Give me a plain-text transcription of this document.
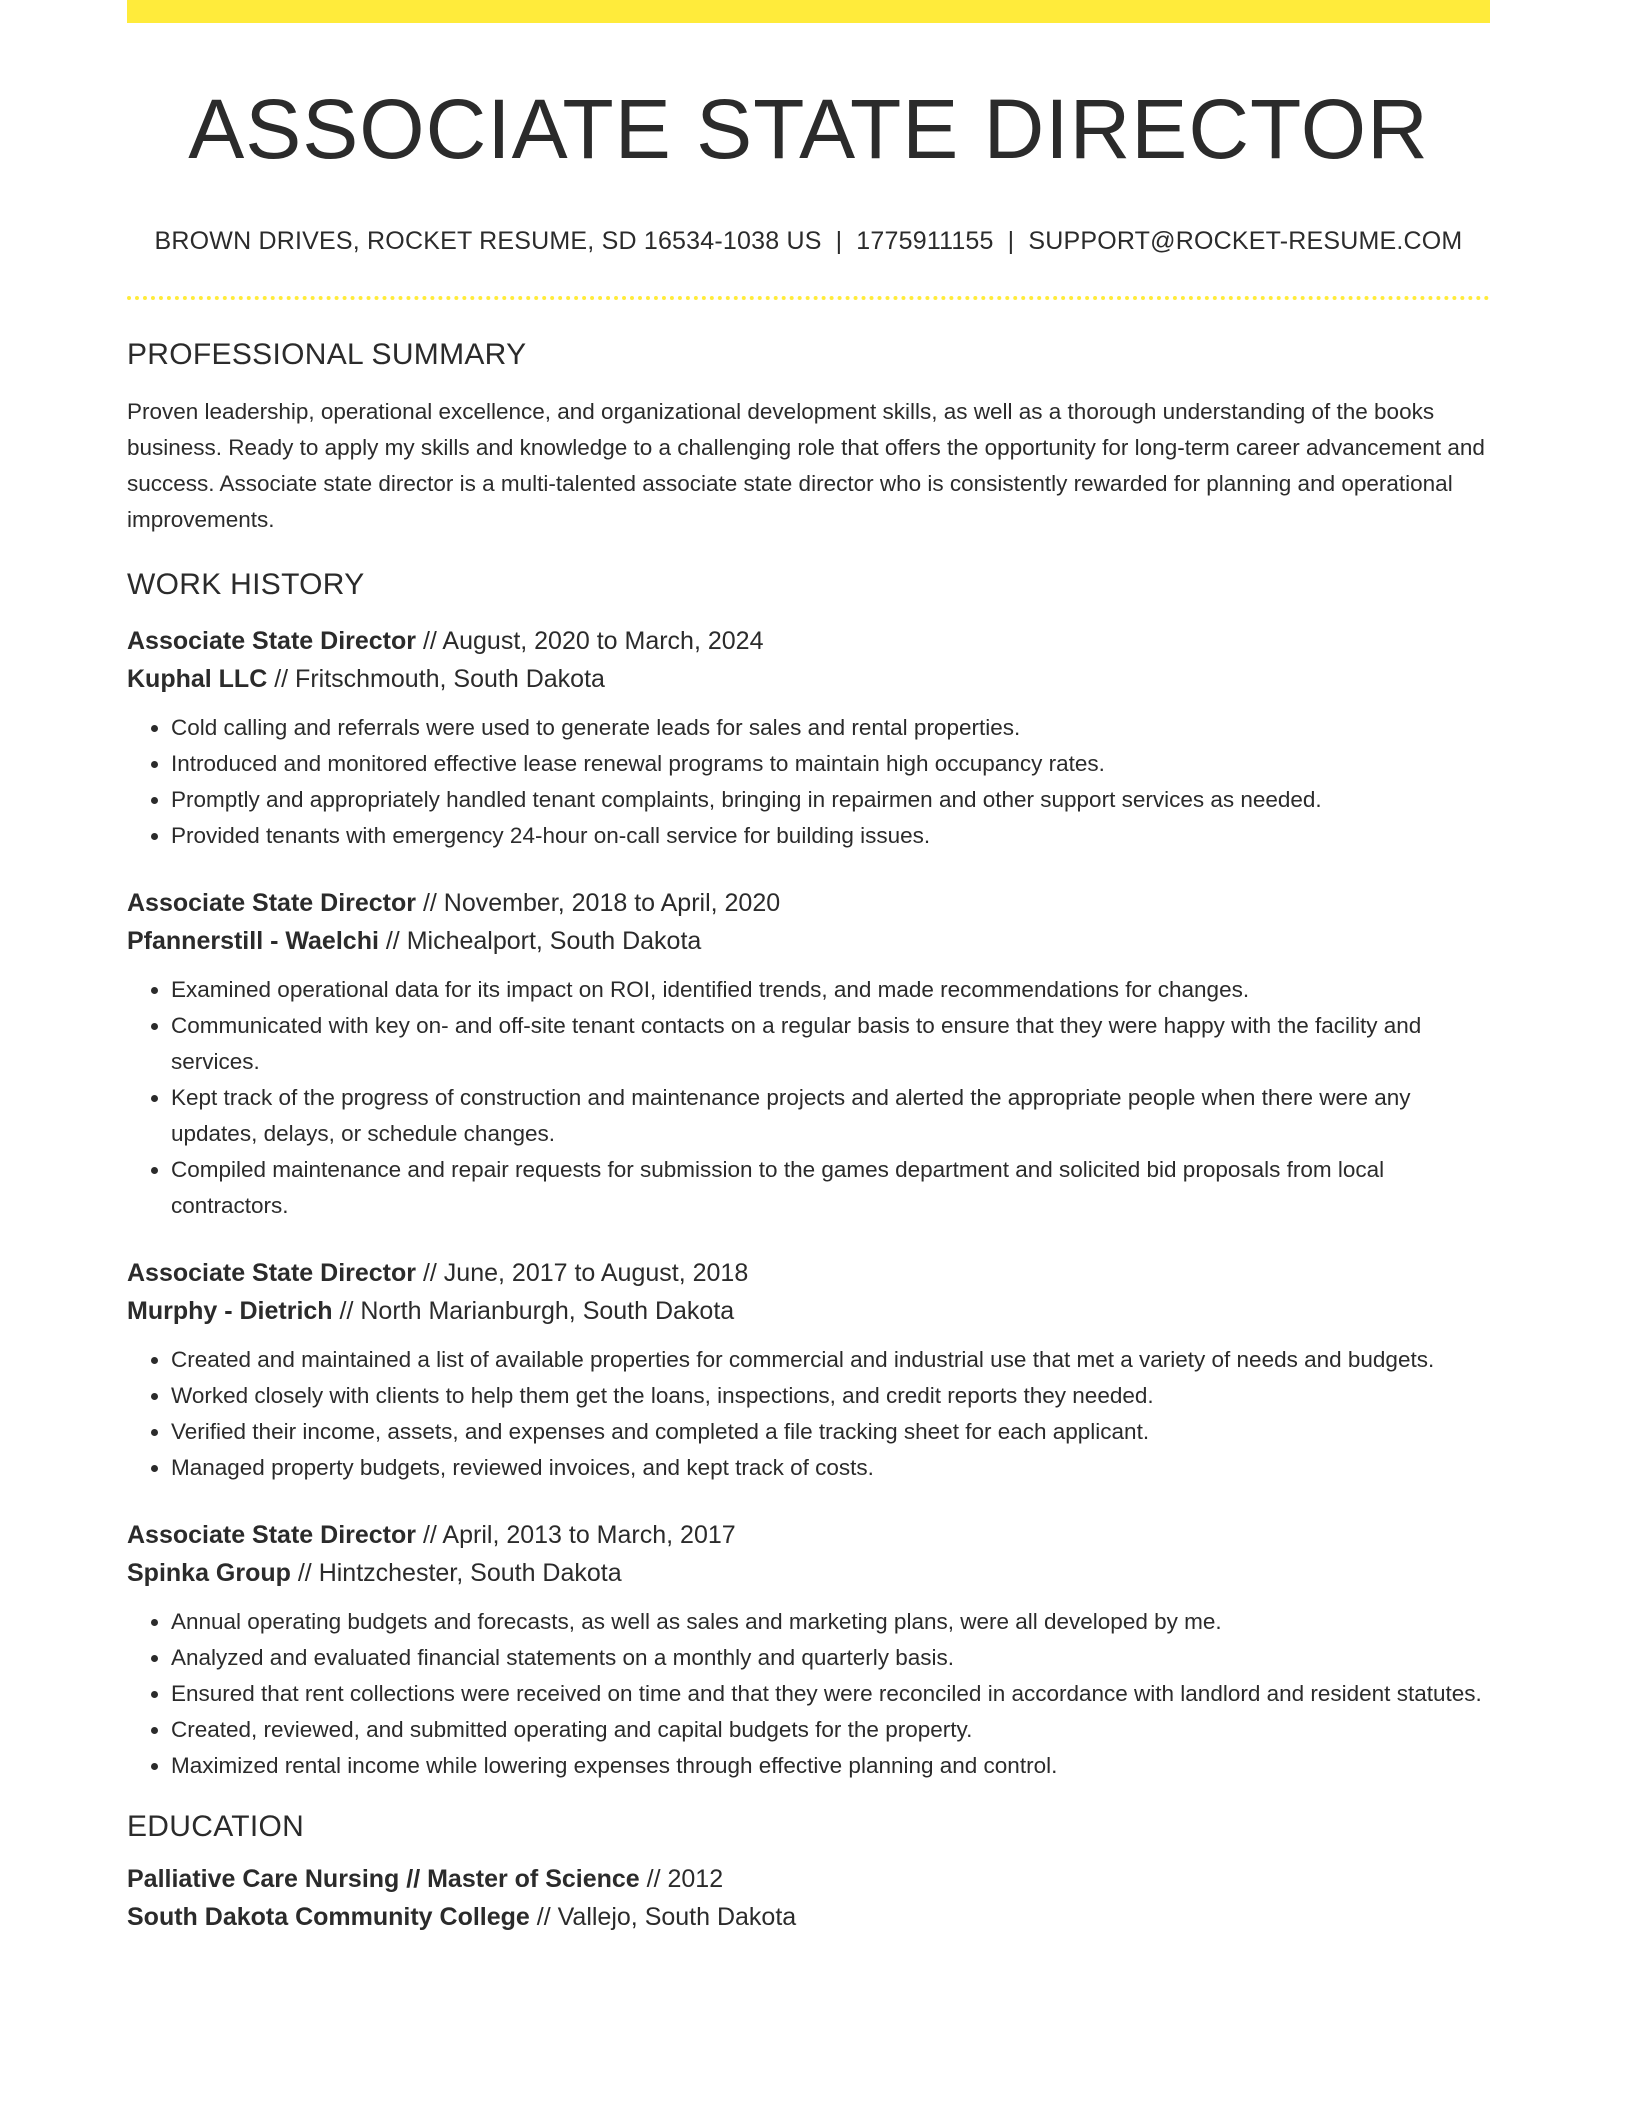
ASSOCIATE STATE DIRECTOR
BROWN DRIVES, ROCKET RESUME, SD 16534-1038 US | 1775911155 | SUPPORT@ROCKET-RESUME.COM
PROFESSIONAL SUMMARY
Proven leadership, operational excellence, and organizational development skills, as well as a thorough understanding of the books business. Ready to apply my skills and knowledge to a challenging role that offers the opportunity for long-term career advancement and success. Associate state director is a multi-talented associate state director who is consistently rewarded for planning and operational improvements.
WORK HISTORY
Associate State Director // August, 2020 to March, 2024
Kuphal LLC // Fritschmouth, South Dakota
• Cold calling and referrals were used to generate leads for sales and rental properties.
• Introduced and monitored effective lease renewal programs to maintain high occupancy rates.
• Promptly and appropriately handled tenant complaints, bringing in repairmen and other support services as needed.
• Provided tenants with emergency 24-hour on-call service for building issues.
Associate State Director // November, 2018 to April, 2020
Pfannerstill - Waelchi // Michealport, South Dakota
• Examined operational data for its impact on ROI, identified trends, and made recommendations for changes.
• Communicated with key on- and off-site tenant contacts on a regular basis to ensure that they were happy with the facility and services.
• Kept track of the progress of construction and maintenance projects and alerted the appropriate people when there were any updates, delays, or schedule changes.
• Compiled maintenance and repair requests for submission to the games department and solicited bid proposals from local contractors.
Associate State Director // June, 2017 to August, 2018
Murphy - Dietrich // North Marianburgh, South Dakota
• Created and maintained a list of available properties for commercial and industrial use that met a variety of needs and budgets.
• Worked closely with clients to help them get the loans, inspections, and credit reports they needed.
• Verified their income, assets, and expenses and completed a file tracking sheet for each applicant.
• Managed property budgets, reviewed invoices, and kept track of costs.
Associate State Director // April, 2013 to March, 2017
Spinka Group // Hintzchester, South Dakota
• Annual operating budgets and forecasts, as well as sales and marketing plans, were all developed by me.
• Analyzed and evaluated financial statements on a monthly and quarterly basis.
• Ensured that rent collections were received on time and that they were reconciled in accordance with landlord and resident statutes.
• Created, reviewed, and submitted operating and capital budgets for the property.
• Maximized rental income while lowering expenses through effective planning and control.
EDUCATION
Palliative Care Nursing // Master of Science // 2012
South Dakota Community College // Vallejo, South Dakota
